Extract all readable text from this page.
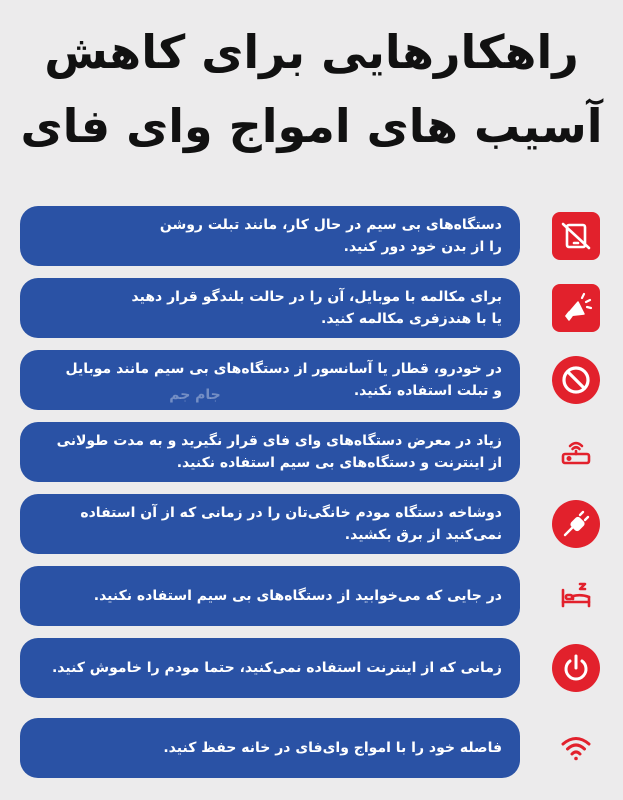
راهکارهایی برای کاهش
آسیب های امواج وای فای
دستگاه‌های بی سیم در حال کار، مانند تبلت روشن
را از بدن خود دور کنید.
برای مکالمه با موبایل، آن را در حالت بلندگو قرار دهید
یا با هندزفری مکالمه کنید.
در خودرو، قطار یا آسانسور از دستگاه‌های بی سیم مانند موبایل
و تبلت استفاده نکنید.
زیاد در معرض دستگاه‌های وای فای قرار نگیرید و به مدت طولانی
از اینترنت و دستگاه‌های بی سیم استفاده نکنید.
دوشاخه دستگاه مودم خانگی‌تان را در زمانی که از آن استفاده
نمی‌کنید از برق بکشید.
در جایی که می‌خوابید از دستگاه‌های بی سیم استفاده نکنید.
زمانی که از اینترنت استفاده نمی‌کنید، حتما مودم را خاموش کنید.
فاصله خود را با امواج وای‌فای در خانه حفظ کنید.
جام جم
